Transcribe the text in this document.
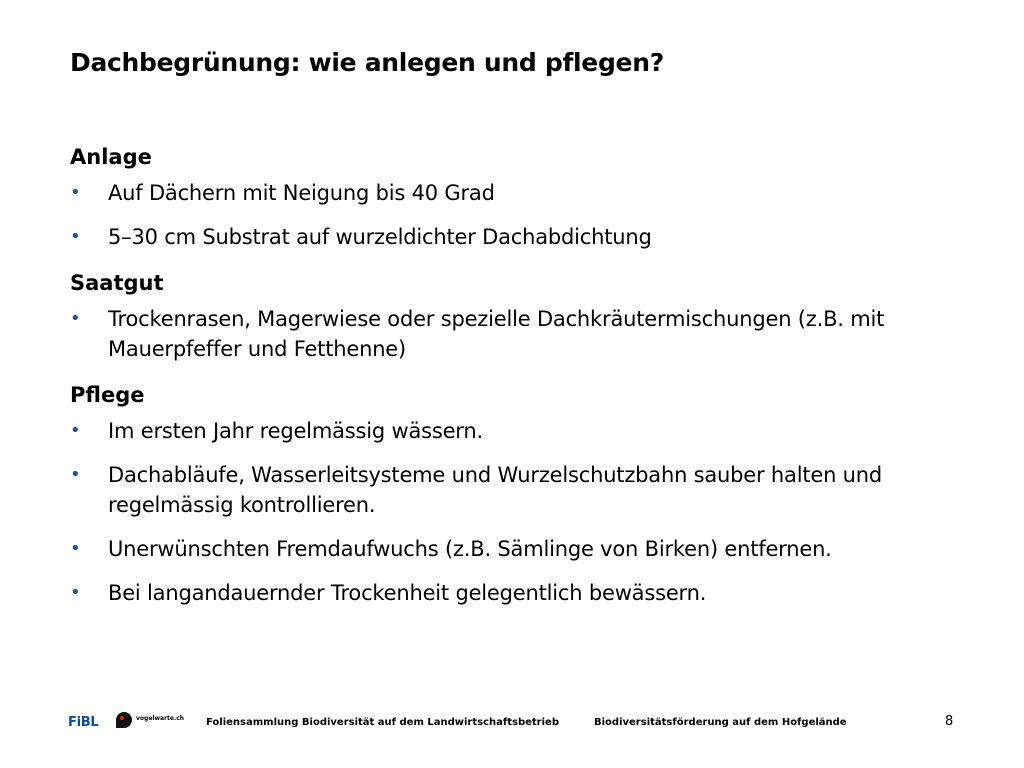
Dachbegrünung: wie anlegen und pflegen?
Anlage
•	Auf Dächern mit Neigung bis 40 Grad
•	5–30 cm Substrat auf wurzeldichter Dachabdichtung
Saatgut
•	Trockenrasen, Magerwiese oder spezielle Dachkräutermischungen (z.B. mit Mauerpfeffer und Fetthenne)
Pflege
•	Im ersten Jahr regelmässig wässern.
•	Dachabläufe, Wasserleitsysteme und Wurzelschutzbahn sauber halten und regelmässig kontrollieren.
•	Unerwünschten Fremdaufwuchs (z.B. Sämlinge von Birken) entfernen.
•	Bei langandauernder Trockenheit gelegentlich bewässern.
FiBL	vogelwarte.ch Foliensammlung Biodiversität auf dem Landwirtschaftsbetrieb	Biodiversitätsförderung auf dem Hofgelände	8
